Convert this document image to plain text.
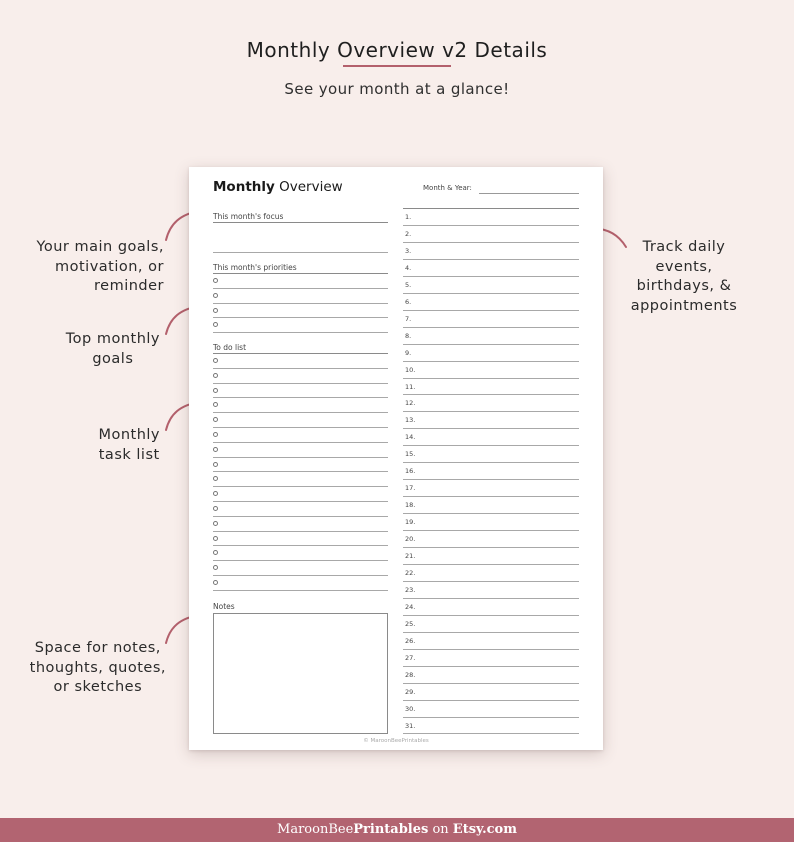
Monthly Overview v2 Details
See your month at a glance!
Your main goals,
motivation, or
reminder
Top monthly
goals
Monthly
task list
Space for notes,
thoughts, quotes,
or sketches
Track daily
events,
birthdays, &
appointments
Monthly Overview	Month & Year:
This month's focus
This month's priorities
To do list
Notes
© MaroonBeePrintables
1.
2.
3.
4.
5.
6.
7.
8.
9.
10.
11.
12.
13.
14.
15.
16.
17.
18.
19.
20.
21.
22.
23.
24.
25.
26.
27.
28.
29.
30.
31.
MaroonBeePrintables on Etsy.com
